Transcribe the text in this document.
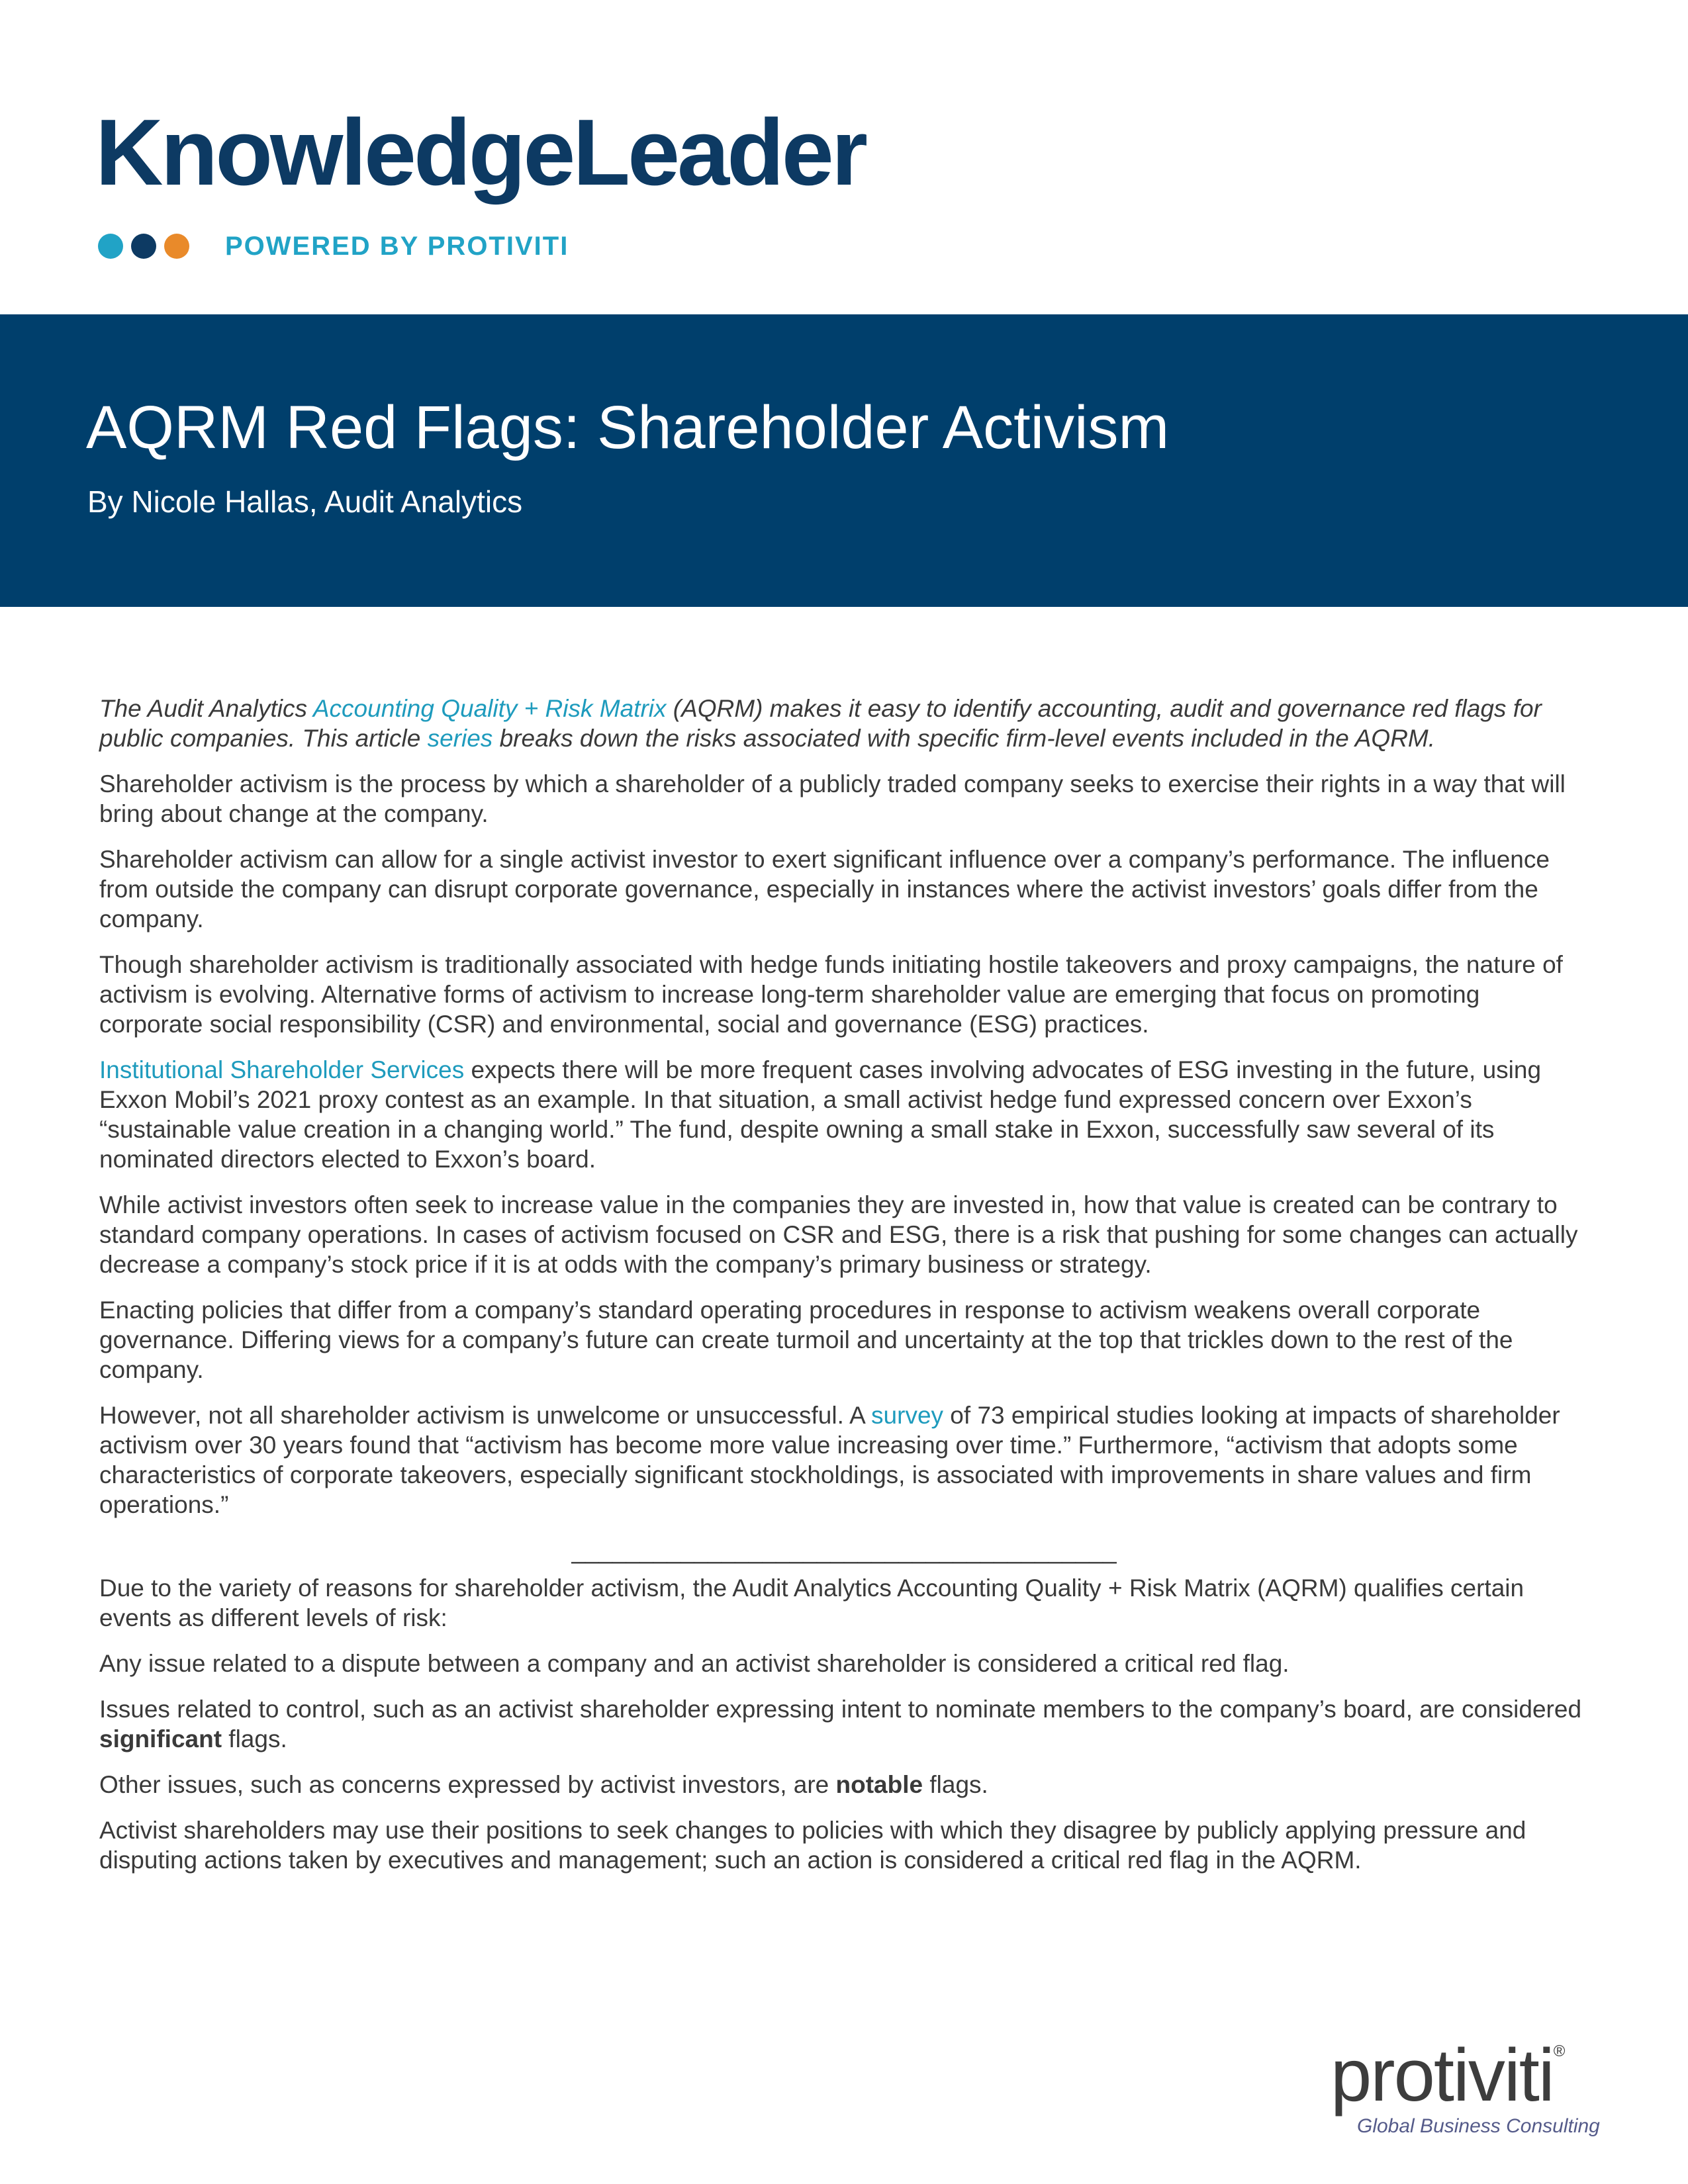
KnowledgeLeader
POWERED BY PROTIVITI
AQRM Red Flags: Shareholder Activism
By Nicole Hallas, Audit Analytics

The Audit Analytics Accounting Quality + Risk Matrix (AQRM) makes it easy to identify accounting, audit and governance red flags for public companies. This article series breaks down the risks associated with specific firm-level events included in the AQRM.

Shareholder activism is the process by which a shareholder of a publicly traded company seeks to exercise their rights in a way that will bring about change at the company.

Shareholder activism can allow for a single activist investor to exert significant influence over a company’s performance. The influence from outside the company can disrupt corporate governance, especially in instances where the activist investors’ goals differ from the company.

Though shareholder activism is traditionally associated with hedge funds initiating hostile takeovers and proxy campaigns, the nature of activism is evolving. Alternative forms of activism to increase long-term shareholder value are emerging that focus on promoting corporate social responsibility (CSR) and environmental, social and governance (ESG) practices.

Institutional Shareholder Services expects there will be more frequent cases involving advocates of ESG investing in the future, using Exxon Mobil’s 2021 proxy contest as an example. In that situation, a small activist hedge fund expressed concern over Exxon’s “sustainable value creation in a changing world.” The fund, despite owning a small stake in Exxon, successfully saw several of its nominated directors elected to Exxon’s board.

While activist investors often seek to increase value in the companies they are invested in, how that value is created can be contrary to standard company operations. In cases of activism focused on CSR and ESG, there is a risk that pushing for some changes can actually decrease a company’s stock price if it is at odds with the company’s primary business or strategy.

Enacting policies that differ from a company’s standard operating procedures in response to activism weakens overall corporate governance. Differing views for a company’s future can create turmoil and uncertainty at the top that trickles down to the rest of the company.

However, not all shareholder activism is unwelcome or unsuccessful. A survey of 73 empirical studies looking at impacts of shareholder activism over 30 years found that “activism has become more value increasing over time.” Furthermore, “activism that adopts some characteristics of corporate takeovers, especially significant stockholdings, is associated with improvements in share values and firm operations.”

________________________________________

Due to the variety of reasons for shareholder activism, the Audit Analytics Accounting Quality + Risk Matrix (AQRM) qualifies certain events as different levels of risk:

Any issue related to a dispute between a company and an activist shareholder is considered a critical red flag.

Issues related to control, such as an activist shareholder expressing intent to nominate members to the company’s board, are considered significant flags.

Other issues, such as concerns expressed by activist investors, are notable flags.

Activist shareholders may use their positions to seek changes to policies with which they disagree by publicly applying pressure and disputing actions taken by executives and management; such an action is considered a critical red flag in the AQRM.

protiviti®
Global Business Consulting
